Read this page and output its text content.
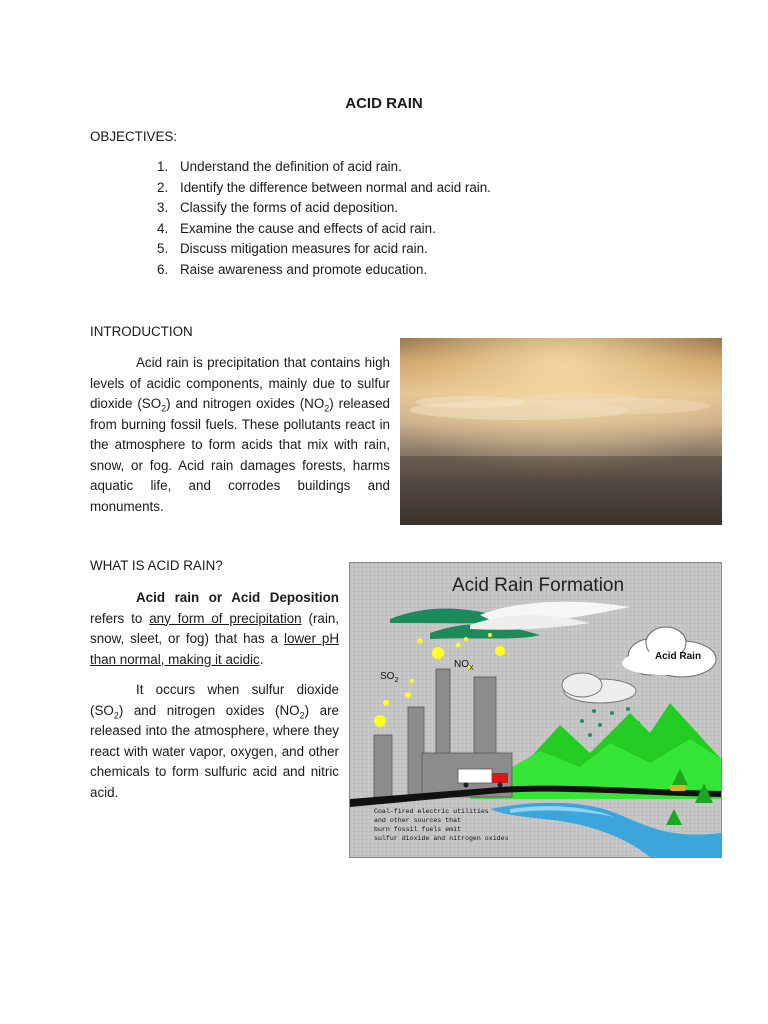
ACID RAIN
OBJECTIVES:
1. Understand the definition of acid rain.
2. Identify the difference between normal and acid rain.
3. Classify the forms of acid deposition.
4. Examine the cause and effects of acid rain.
5. Discuss mitigation measures for acid rain.
6. Raise awareness and promote education.
INTRODUCTION

Acid rain is precipitation that contains high levels of acidic components, mainly due to sulfur dioxide $(SO_2)$ and nitrogen oxides $(NO_2)$ released from burning fossil fuels. These pollutants react in the atmosphere to form acids that mix with rain, snow, or fog. Acid rain damages forests, harms aquatic life, and corrodes buildings and monuments.

WHAT IS ACID RAIN?

Acid rain or Acid Deposition refers to any form of precipitation (rain, snow, sleet, or fog) that has a lower pH than normal, making it acidic.

It occurs when sulfur dioxide $(SO_2)$ and nitrogen oxides $(NO_2)$ are released into the atmosphere, where they react with water vapor, oxygen, and other chemicals to form sulfuric acid and nitric acid.

Acid Rain Formation
$SO_2$
$NO_X$
Acid Rain
Coal-fired electric utilities
and other sources that
burn fossil fuels emit
sulfur dioxide and nitrogen oxides
